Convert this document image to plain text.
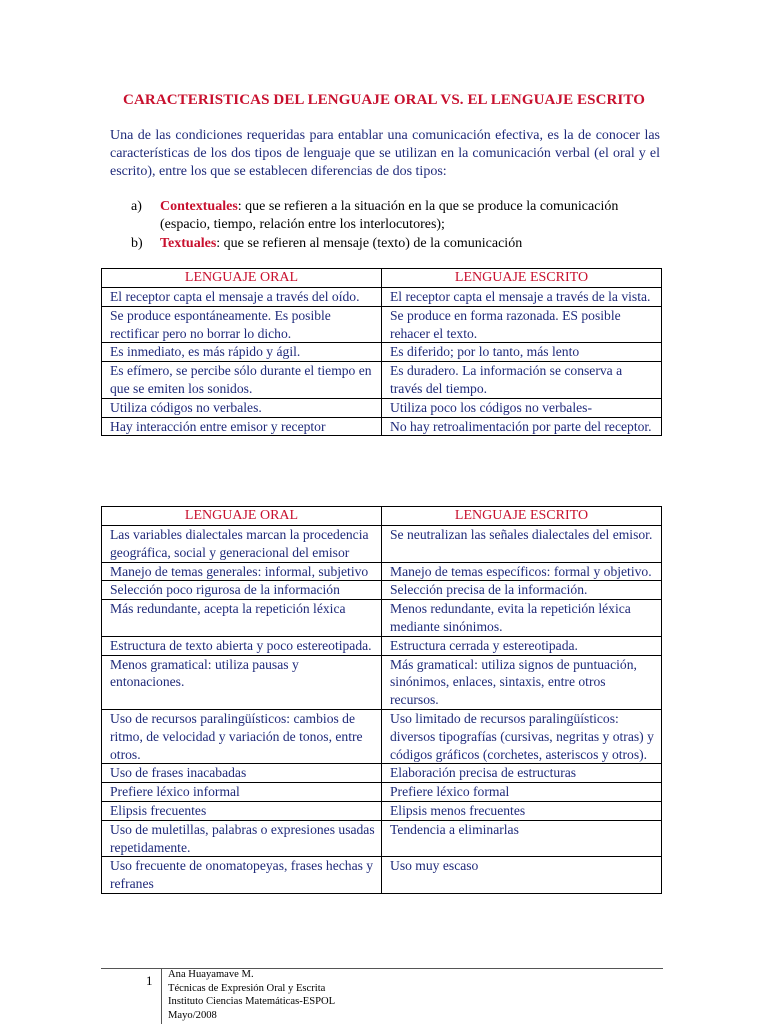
CARACTERISTICAS DEL LENGUAJE ORAL VS. EL LENGUAJE ESCRITO
Una de las condiciones requeridas para entablar una comunicación efectiva, es la de conocer las características de los dos tipos de lenguaje que se utilizan en la comunicación verbal (el oral y el escrito), entre los que se establecen diferencias de dos tipos:
a) Contextuales: que se refieren a la situación en la que se produce la comunicación (espacio, tiempo, relación entre los interlocutores);
b) Textuales: que se refieren al mensaje (texto) de la comunicación
LENGUAJE ORAL	LENGUAJE ESCRITO
El receptor capta el mensaje a través del oído.	El receptor capta el mensaje a través de la vista.
Se produce espontáneamente. Es posible rectificar pero no borrar lo dicho.	Se produce en forma razonada. ES posible rehacer el texto.
Es inmediato, es más rápido y ágil.	Es diferido; por lo tanto, más lento
Es efímero, se percibe sólo durante el tiempo en que se emiten los sonidos.	Es duradero. La información se conserva a través del tiempo.
Utiliza códigos no verbales.	Utiliza poco los códigos no verbales-
Hay interacción entre emisor y receptor	No hay retroalimentación por parte del receptor.
LENGUAJE ORAL	LENGUAJE ESCRITO
Las variables dialectales marcan la procedencia geográfica, social y generacional del emisor	Se neutralizan las señales dialectales del emisor.
Manejo de temas generales: informal, subjetivo	Manejo de temas específicos: formal y objetivo.
Selección poco rigurosa de la información	Selección precisa de la información.
Más redundante, acepta la repetición léxica	Menos redundante, evita la repetición léxica mediante sinónimos.
Estructura de texto abierta y poco estereotipada.	Estructura cerrada y estereotipada.
Menos gramatical: utiliza pausas y entonaciones.	Más gramatical: utiliza signos de puntuación, sinónimos, enlaces, sintaxis, entre otros recursos.
Uso de recursos paralingüísticos: cambios de ritmo, de velocidad y variación de tonos, entre otros.	Uso limitado de recursos paralingüísticos: diversos tipografías (cursivas, negritas y otras) y códigos gráficos (corchetes, asteriscos y otros).
Uso de frases inacabadas	Elaboración precisa de estructuras
Prefiere léxico informal	Prefiere léxico formal
Elipsis frecuentes	Elipsis menos frecuentes
Uso de muletillas, palabras o expresiones usadas repetidamente.	Tendencia a eliminarlas
Uso frecuente de onomatopeyas, frases hechas y refranes	Uso muy escaso
1 Ana Huayamave M.
Técnicas de Expresión Oral y Escrita
Instituto Ciencias Matemáticas-ESPOL
Mayo/2008
